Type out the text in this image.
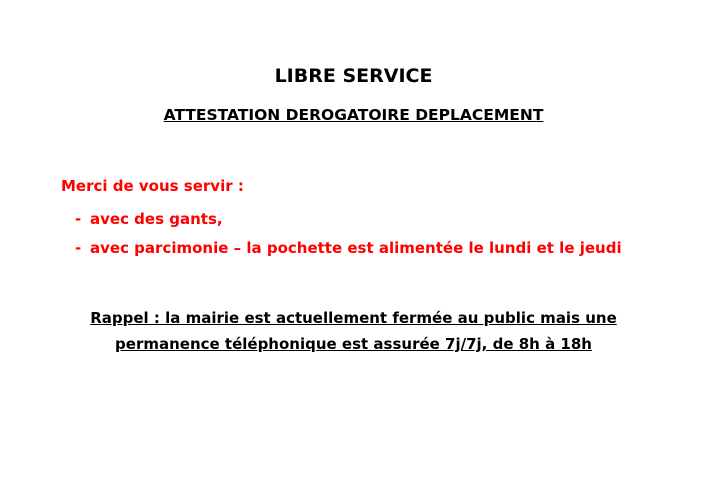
LIBRE SERVICE
ATTESTATION DEROGATOIRE DEPLACEMENT
Merci de vous servir :
- avec des gants,
- avec parcimonie – la pochette est alimentée le lundi et le jeudi
Rappel : la mairie est actuellement fermée au public mais une
permanence téléphonique est assurée 7j/7j, de 8h à 18h
